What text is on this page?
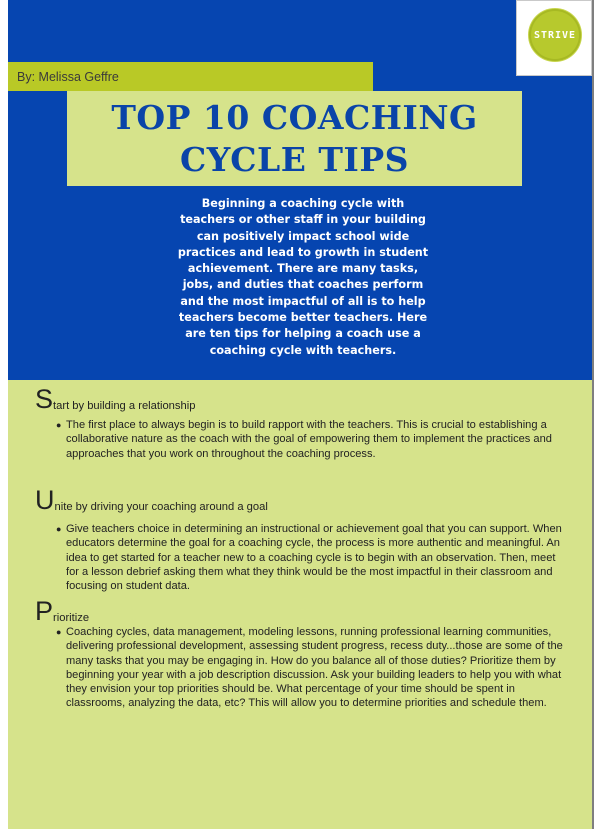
STRIVE
By: Melissa Geffre
TOP 10 COACHING
CYCLE TIPS
Beginning a coaching cycle with
teachers or other staff in your building
can positively impact school wide
practices and lead to growth in student
achievement. There are many tasks,
jobs, and duties that coaches perform
and the most impactful of all is to help
teachers become better teachers. Here
are ten tips for helping a coach use a
coaching cycle with teachers.
S tart by building a relationship
● The first place to always begin is to build rapport with the teachers. This is crucial to establishing a collaborative nature as the coach with the goal of empowering them to implement the practices and approaches that you work on throughout the coaching process.
U nite by driving your coaching around a goal
● Give teachers choice in determining an instructional or achievement goal that you can support. When educators determine the goal for a coaching cycle, the process is more authentic and meaningful. An idea to get started for a teacher new to a coaching cycle is to begin with an observation. Then, meet for a lesson debrief asking them what they think would be the most impactful in their classroom and focusing on student data.
P rioritize
● Coaching cycles, data management, modeling lessons, running professional learning communities, delivering professional development, assessing student progress, recess duty...those are some of the many tasks that you may be engaging in. How do you balance all of those duties? Prioritize them by beginning your year with a job description discussion. Ask your building leaders to help you with what they envision your top priorities should be. What percentage of your time should be spent in classrooms, analyzing the data, etc? This will allow you to determine priorities and schedule them.
